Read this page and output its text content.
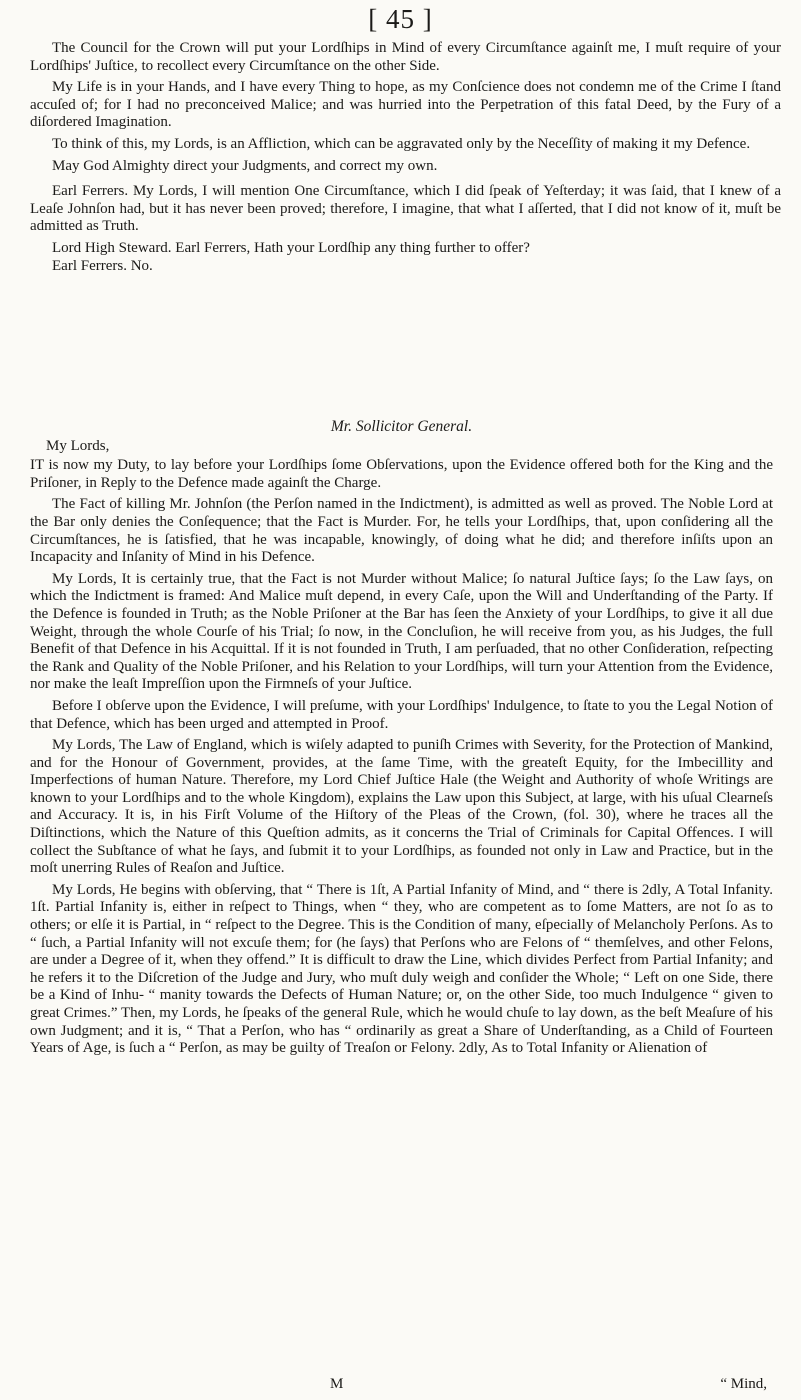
[ 45 ]

The Council for the Crown will put your Lordſhips in Mind of every Circumſtance againſt me, I muſt require of your Lordſhips' Juſtice, to recollect every Circumſtance on the other Side.

My Life is in your Hands, and I have every Thing to hope, as my Conſcience does not condemn me of the Crime I ſtand accuſed of; for I had no preconceived Malice; and was hurried into the Perpetration of this fatal Deed, by the Fury of a diſordered Imagination.

To think of this, my Lords, is an Affliction, which can be aggravated only by the Neceſſity of making it my Defence.

May God Almighty direct your Judgments, and correct my own.

Earl Ferrers. My Lords, I will mention One Circumſtance, which I did ſpeak of Yeſterday; it was ſaid, that I knew of a Leaſe Johnſon had, but it has never been proved; therefore, I imagine, that what I aſſerted, that I did not know of it, muſt be admitted as Truth.

Lord High Steward. Earl Ferrers, Hath your Lordſhip any thing further to offer?

Earl Ferrers. No.

Mr. Sollicitor General.
My Lords,

IT is now my Duty, to lay before your Lordſhips ſome Obſervations, upon the Evidence offered both for the King and the Priſoner, in Reply to the Defence made againſt the Charge.

The Fact of killing Mr. Johnſon (the Perſon named in the Indictment), is admitted as well as proved. The Noble Lord at the Bar only denies the Conſequence; that the Fact is Murder. For, he tells your Lordſhips, that, upon conſidering all the Circumſtances, he is ſatisfied, that he was incapable, knowingly, of doing what he did; and therefore inſiſts upon an Incapacity and Inſanity of Mind in his Defence.

My Lords, It is certainly true, that the Fact is not Murder without Malice; ſo natural Juſtice ſays; ſo the Law ſays, on which the Indictment is framed: And Malice muſt depend, in every Caſe, upon the Will and Underſtanding of the Party. If the Defence is founded in Truth; as the Noble Priſoner at the Bar has ſeen the Anxiety of your Lordſhips, to give it all due Weight, through the whole Courſe of his Trial; ſo now, in the Concluſion, he will receive from you, as his Judges, the full Benefit of that Defence in his Acquittal. If it is not founded in Truth, I am perſuaded, that no other Conſideration, reſpecting the Rank and Quality of the Noble Priſoner, and his Relation to your Lordſhips, will turn your Attention from the Evidence, nor make the leaſt Impreſſion upon the Firmneſs of your Juſtice.

Before I obſerve upon the Evidence, I will preſume, with your Lordſhips' Indulgence, to ſtate to you the Legal Notion of that Defence, which has been urged and attempted in Proof.

My Lords, The Law of England, which is wiſely adapted to puniſh Crimes with Severity, for the Protection of Mankind, and for the Honour of Government, provides, at the ſame Time, with the greateſt Equity, for the Imbecillity and Imperfections of human Nature. Therefore, my Lord Chief Juſtice Hale (the Weight and Authority of whoſe Writings are known to your Lordſhips and to the whole Kingdom), explains the Law upon this Subject, at large, with his uſual Clearneſs and Accuracy. It is, in his Firſt Volume of the Hiſtory of the Pleas of the Crown, (fol. 30), where he traces all the Diſtinctions, which the Nature of this Queſtion admits, as it concerns the Trial of Criminals for Capital Offences. I will collect the Subſtance of what he ſays, and ſubmit it to your Lordſhips, as founded not only in Law and Practice, but in the moſt unerring Rules of Reaſon and Juſtice.

My Lords, He begins with obſerving, that “ There is 1ſt, A Partial Infanity of Mind, and “ there is 2dly, A Total Infanity. 1ſt. Partial Infanity is, either in reſpect to Things, when “ they, who are competent as to ſome Matters, are not ſo as to others; or elſe it is Partial, in “ reſpect to the Degree. This is the Condition of many, eſpecially of Melancholy Perſons. As to “ ſuch, a Partial Infanity will not excuſe them; for (he ſays) that Perſons who are Felons of “ themſelves, and other Felons, are under a Degree of it, when they offend.” It is difficult to draw the Line, which divides Perfect from Partial Infanity; and he refers it to the Diſcretion of the Judge and Jury, who muſt duly weigh and conſider the Whole; “ Left on one Side, there be a Kind of Inhu- “ manity towards the Defects of Human Nature; or, on the other Side, too much Indulgence “ given to great Crimes.” Then, my Lords, he ſpeaks of the general Rule, which he would chuſe to lay down, as the beſt Meaſure of his own Judgment; and it is, “ That a Perſon, who has “ ordinarily as great a Share of Underſtanding, as a Child of Fourteen Years of Age, is ſuch a “ Perſon, as may be guilty of Treaſon or Felony. 2dly, As to Total Infanity or Alienation of

M	“ Mind,
